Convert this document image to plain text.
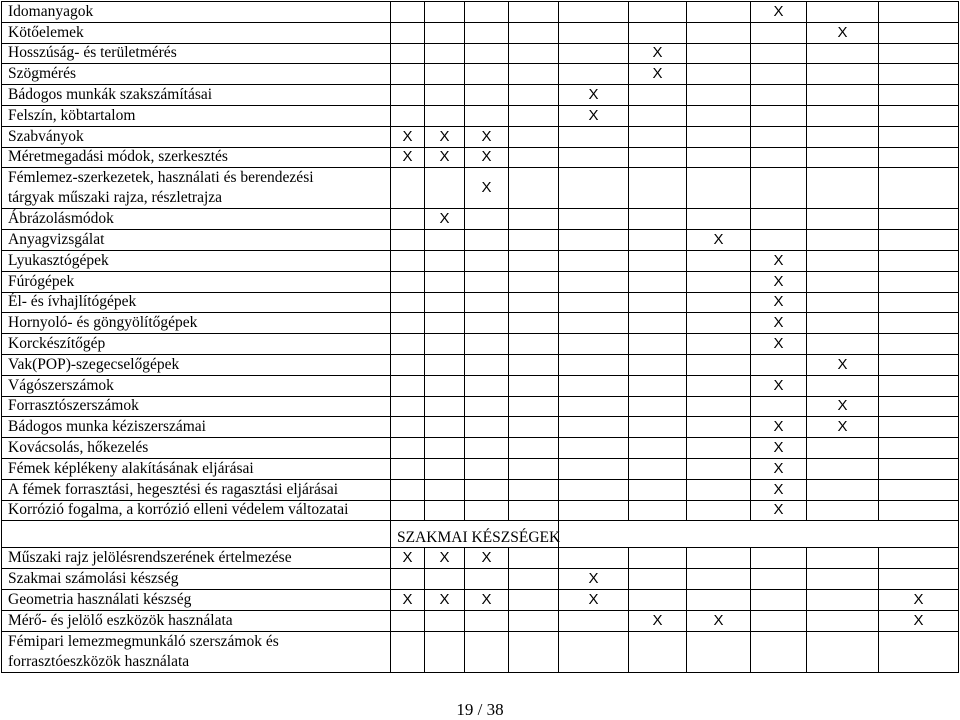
Idomanyagok								X			
Kötőelemek									X		
Hosszúság- és területmérés						X					
Szögmérés						X					
Bádogos munkák szakszámításai					X						
Felszín, köbtartalom					X						
Szabványok	X	X	X								
Méretmegadási módok, szerkesztés	X	X	X								

Fémlemez-szerkezetek, használati és berendezési
tárgyak műszaki rajza, részletrajza			X								
Ábrázolásmódok		X									
Anyagvizsgálat							X				
Lyukasztógépek								X			
Fúrógépek								X			
Él- és ívhajlítógépek								X			
Hornyoló- és göngyölítőgépek								X			
Korckészítőgép								X			
Vak(POP)-szegecselőgépek									X		
Vágószerszámok								X			
Forrasztószerszámok									X		
Bádogos munka kéziszerszámai								X	X		
Kovácsolás, hőkezelés								X			
Fémek képlékeny alakításának eljárásai								X			
A fémek forrasztási, hegesztési és ragasztási eljárásai								X			
Korrózió fogalma, a korrózió elleni védelem változatai								X			
	SZAKMAI KÉSZSÉGEK										
Műszaki rajz jelölésrendszerének értelmezése	X	X	X								
Szakmai számolási készség					X						
Geometria használati készség	X	X	X		X					X	
Mérő- és jelölő eszközök használata						X	X			X	

Fémipari lemezmegmunkáló szerszámok és
forrasztóeszközök használata

19 / 38
